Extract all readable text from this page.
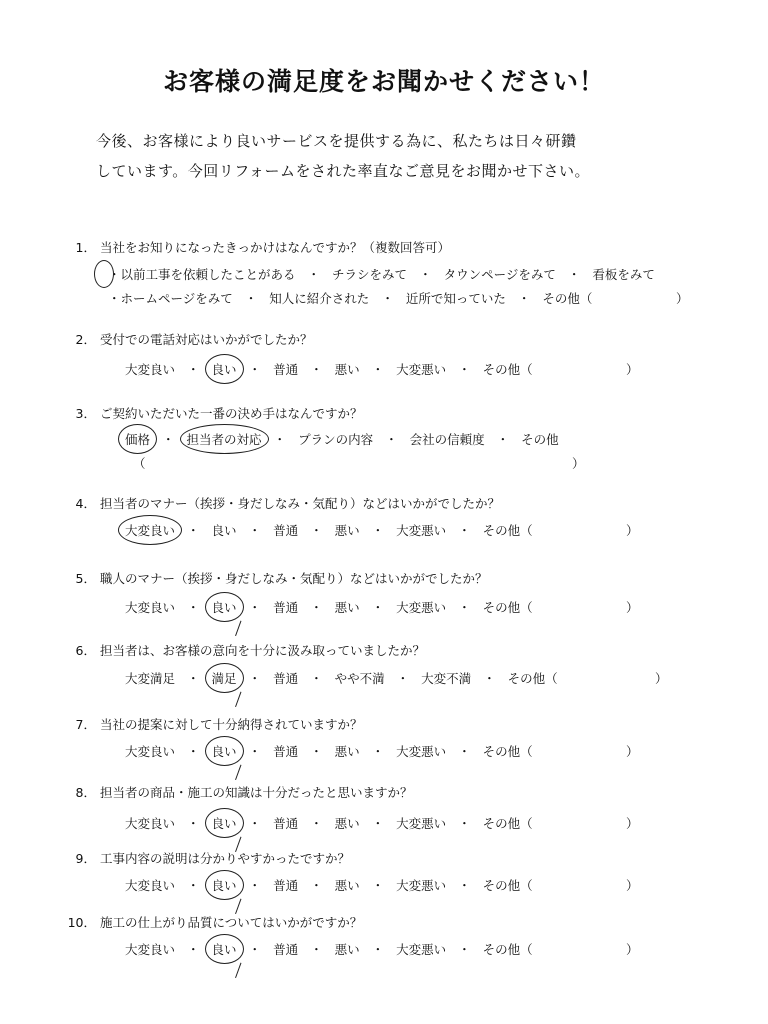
お客様の満足度をお聞かせください！
今後、お客様により良いサービスを提供する為に、私たちは日々研鑽
しています。今回リフォームをされた率直なご意見をお聞かせ下さい。
1． 当社をお知りになったきっかけはなんですか？（複数回答可）
・
以前工事を依頼したことがある ・ チラシをみて ・ タウンページをみて ・ 看板をみて
・ホームページをみて ・ 知人に紹介された ・ 近所で知っていた ・ その他（	）
2． 受付での電話対応はいかがでしたか？
大変良い ・ 良い ・ 普通 ・ 悪い ・ 大変悪い ・ その他（	）
3． ご契約いただいた一番の決め手はなんですか？
価格 ・ 担当者の対応 ・ プランの内容 ・ 会社の信頼度 ・ その他
（	）
4． 担当者のマナー（挨拶・身だしなみ・気配り）などはいかがでしたか？
大変良い ・ 良い ・ 普通 ・ 悪い ・ 大変悪い ・ その他（	）
5． 職人のマナー（挨拶・身だしなみ・気配り）などはいかがでしたか？
大変良い ・ 良い ・ 普通 ・ 悪い ・ 大変悪い ・ その他（	）
6． 担当者は、お客様の意向を十分に汲み取っていましたか？
大変満足 ・ 満足 ・ 普通 ・ やや不満 ・ 大変不満 ・ その他（	）
7． 当社の提案に対して十分納得されていますか？
大変良い ・ 良い ・ 普通 ・ 悪い ・ 大変悪い ・ その他（	）
8． 担当者の商品・施工の知識は十分だったと思いますか？
大変良い ・ 良い ・ 普通 ・ 悪い ・ 大変悪い ・ その他（	）
9． 工事内容の説明は分かりやすかったですか？
大変良い ・ 良い ・ 普通 ・ 悪い ・ 大変悪い ・ その他（	）
10． 施工の仕上がり品質についてはいかがですか？
大変良い ・ 良い ・ 普通 ・ 悪い ・ 大変悪い ・ その他（	）
